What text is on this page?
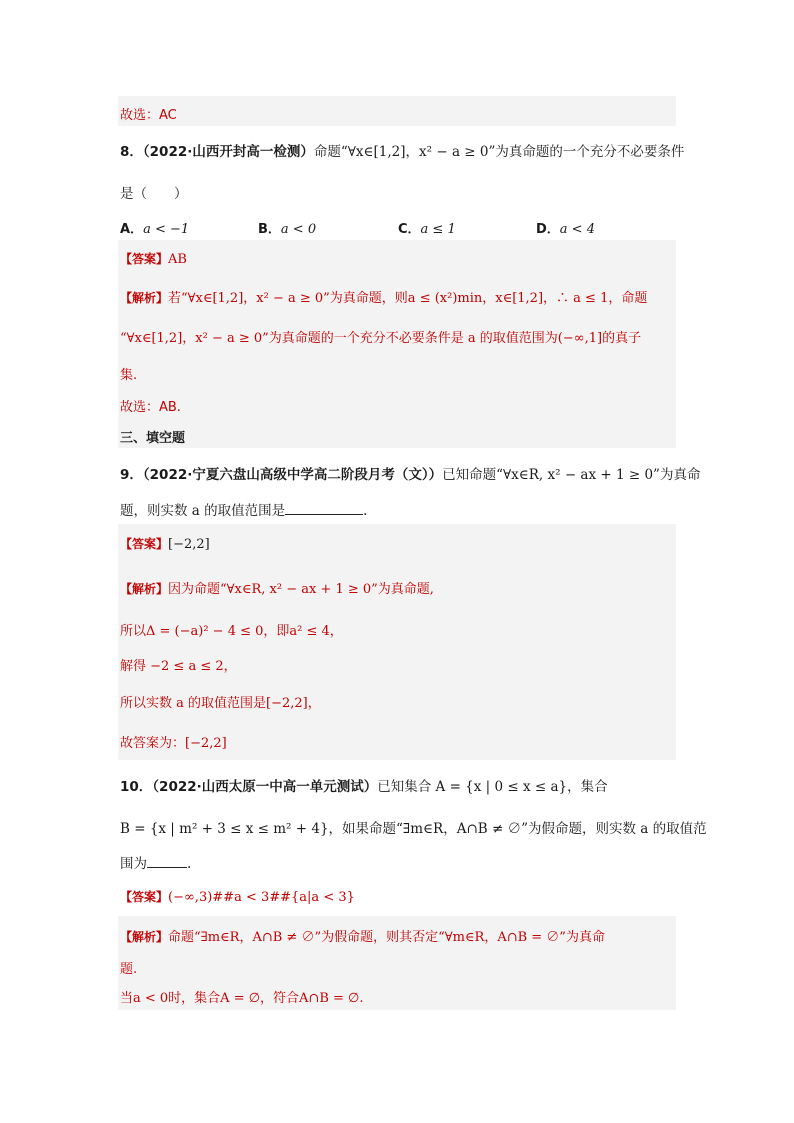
故选：AC
8．（2022·山西开封高一检测）命题“∀x∈[1,2]，x² − a ≥ 0”为真命题的一个充分不必要条件
是（　　）
A．a < −1	B．a < 0	C．a ≤ 1	D．a < 4
【答案】AB
【解析】若“∀x∈[1,2]，x² − a ≥ 0”为真命题，则a ≤ (x²)min，x∈[1,2]，∴ a ≤ 1，命题
“∀x∈[1,2]，x² − a ≥ 0”为真命题的一个充分不必要条件是 a 的取值范围为(−∞,1]的真子
集.
故选：AB.
三、填空题
9．（2022·宁夏六盘山高级中学高二阶段月考（文））已知命题“∀x∈R, x² − ax + 1 ≥ 0”为真命
题，则实数 a 的取值范围是	.
【答案】[−2,2]
【解析】因为命题“∀x∈R, x² − ax + 1 ≥ 0”为真命题,
所以Δ = (−a)² − 4 ≤ 0，即a² ≤ 4，
解得 −2 ≤ a ≤ 2，
所以实数 a 的取值范围是[−2,2]，
故答案为：[−2,2]
10．（2022·山西太原一中高一单元测试）已知集合 A = {x | 0 ≤ x ≤ a}，集合
B = {x | m² + 3 ≤ x ≤ m² + 4}，如果命题“∃m∈R，A∩B ≠ ∅”为假命题，则实数 a 的取值范
围为	.
【答案】(−∞,3)##a < 3##{a|a < 3}
【解析】命题“∃m∈R，A∩B ≠ ∅”为假命题，则其否定“∀m∈R，A∩B = ∅”为真命
题.
当a < 0时，集合A = ∅，符合A∩B = ∅.
